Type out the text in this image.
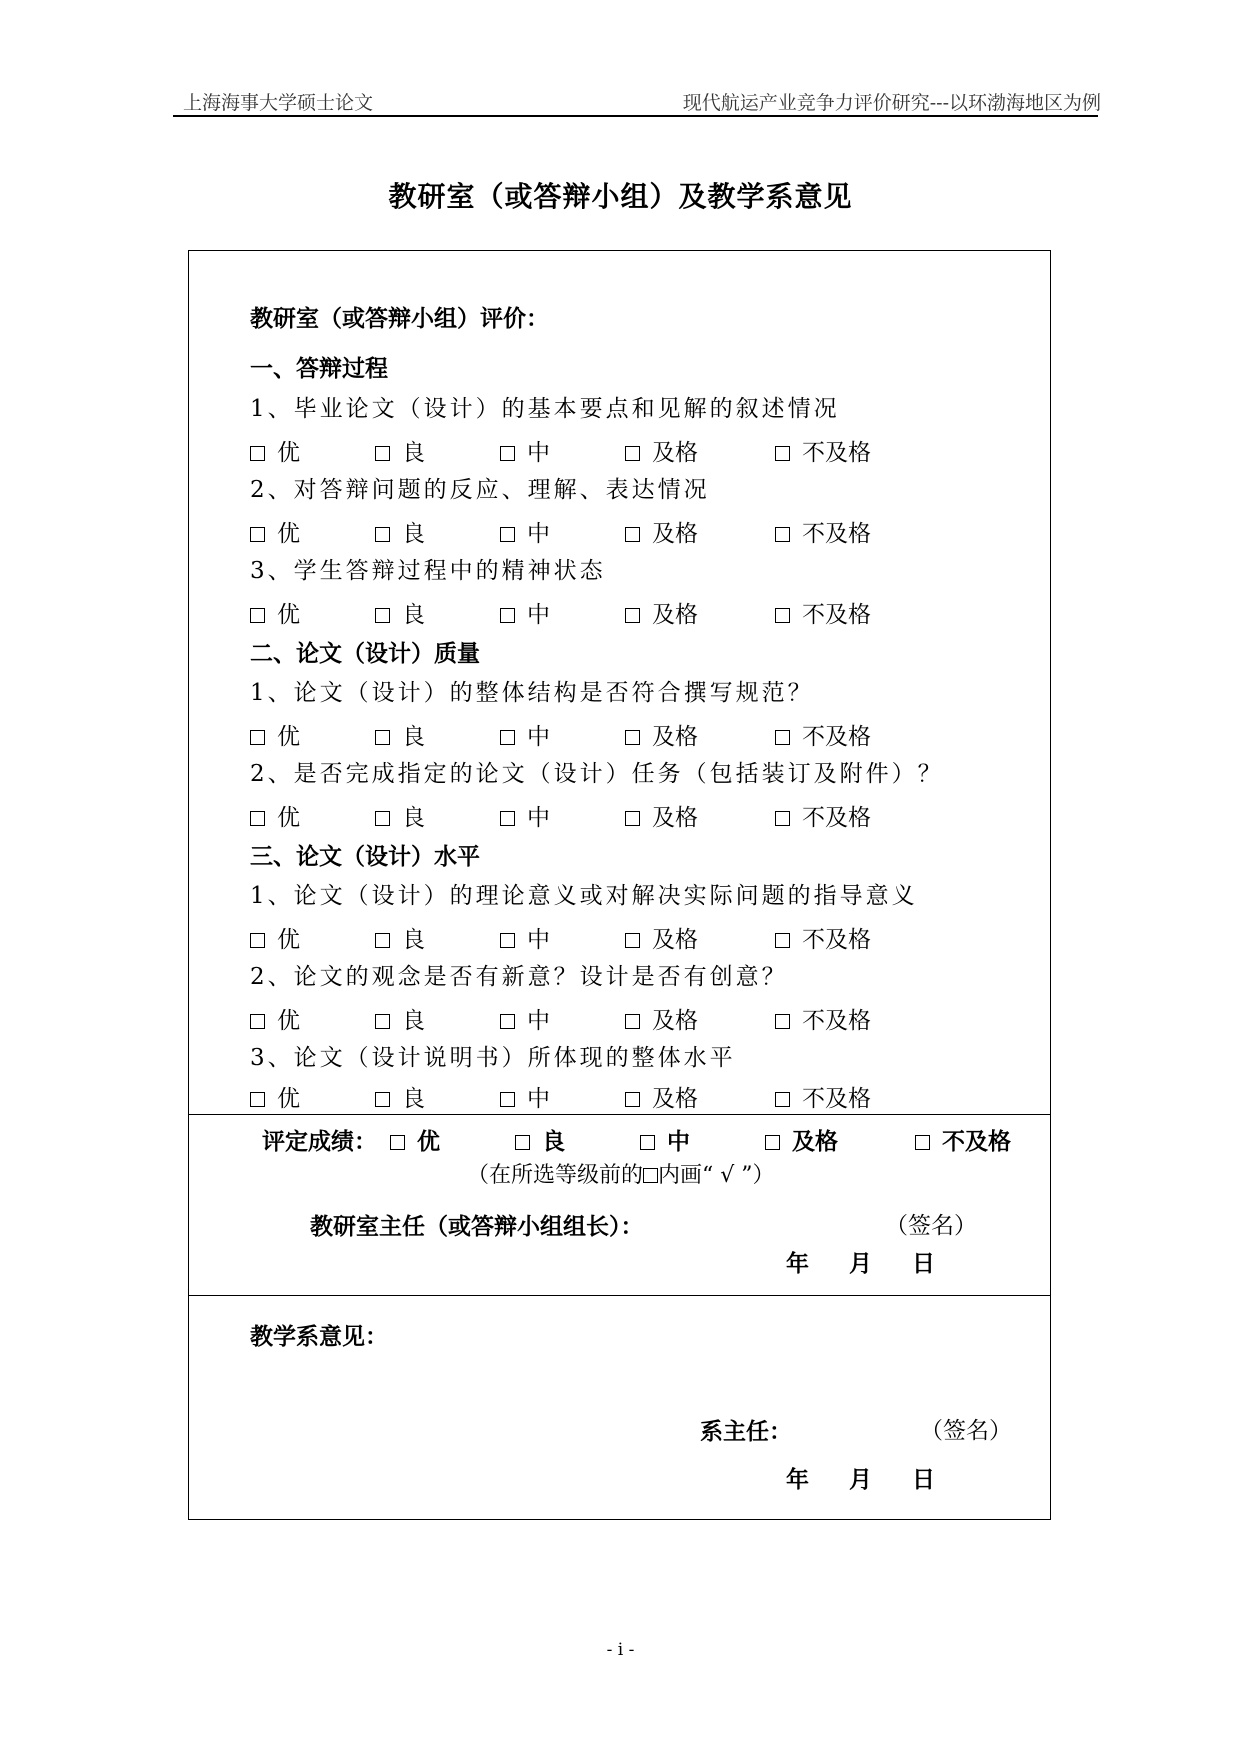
上海海事大学硕士论文	现代航运产业竞争力评价研究---以环渤海地区为例
教研室（或答辩小组）及教学系意见
教研室（或答辩小组）评价：
一、答辩过程
1、毕业论文（设计）的基本要点和见解的叙述情况
优	良	中	及格	不及格
2、对答辩问题的反应、理解、表达情况
优	良	中	及格	不及格
3、学生答辩过程中的精神状态
优	良	中	及格	不及格
二、论文（设计）质量
1、论文（设计）的整体结构是否符合撰写规范？
优	良	中	及格	不及格
2、是否完成指定的论文（设计）任务（包括装订及附件）？
优	良	中	及格	不及格
三、论文（设计）水平
1、论文（设计）的理论意义或对解决实际问题的指导意义
优	良	中	及格	不及格
2、论文的观念是否有新意？设计是否有创意？
优	良	中	及格	不及格
3、论文（设计说明书）所体现的整体水平
优	良	中	及格	不及格
评定成绩：	优	良	中	及格	不及格
（在所选等级前的 内画“ √ ”）
教研室主任（或答辩小组组长）：	（签名）
年 月 日
教学系意见：
系主任：	（签名）
年 月 日
- i -
